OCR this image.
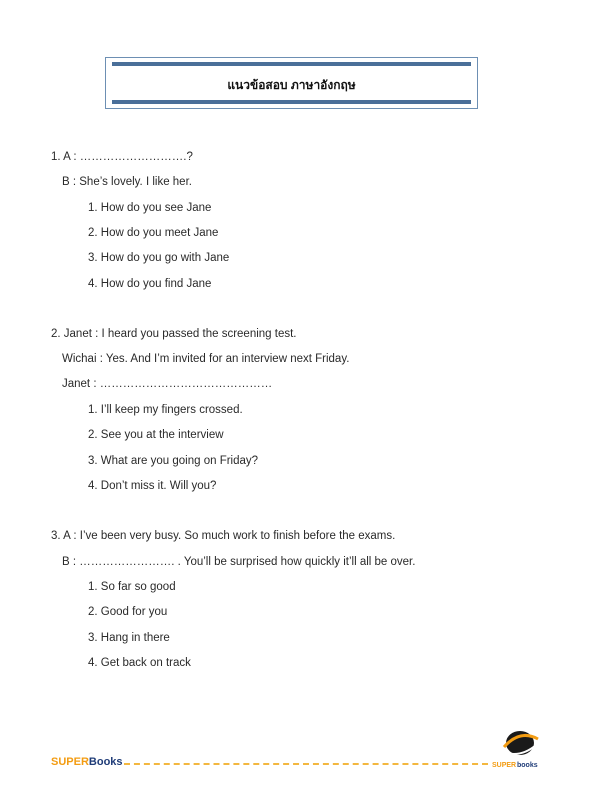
แนวข้อสอบ ภาษาอังกฤษ
1. A : ……………………….?
B : She’s lovely. I like her.
1. How do you see Jane
2. How do you meet Jane
3. How do you go with Jane
4. How do you find Jane
2. Janet : I heard you passed the screening test.
Wichai : Yes. And I’m invited for an interview next Friday.
Janet : ………………………………………
1. I’ll keep my fingers crossed.
2. See you at the interview
3. What are you going on Friday?
4. Don’t miss it. Will you?
3. A : I’ve been very busy. So much work to finish before the exams.
B : ……………………. . You’ll be surprised how quickly it’ll all be over.
1. So far so good
2. Good for you
3. Hang in there
4. Get back on track
SUPERBooks	SUPER books
